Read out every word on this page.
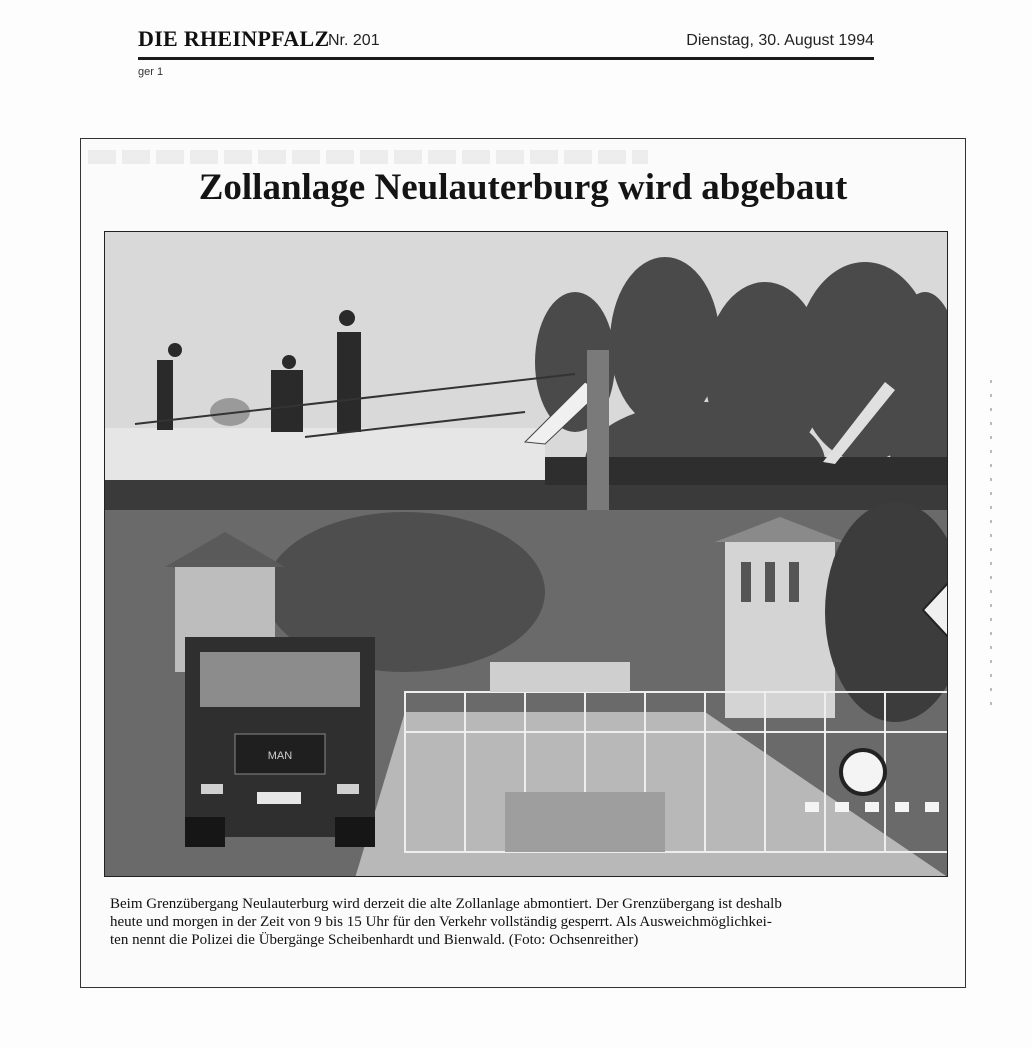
DIE RHEINPFALZ
Nr. 201	Dienstag, 30. August 1994
ger 1
Zollanlage Neulauterburg wird abgebaut
MAN
Beim Grenzübergang Neulauterburg wird derzeit die alte Zollanlage abmontiert. Der Grenzübergang ist deshalb
heute und morgen in der Zeit von 9 bis 15 Uhr für den Verkehr vollständig gesperrt. Als Ausweichmöglichkei-
ten nennt die Polizei die Übergänge Scheibenhardt und Bienwald. (Foto: Ochsenreither)
